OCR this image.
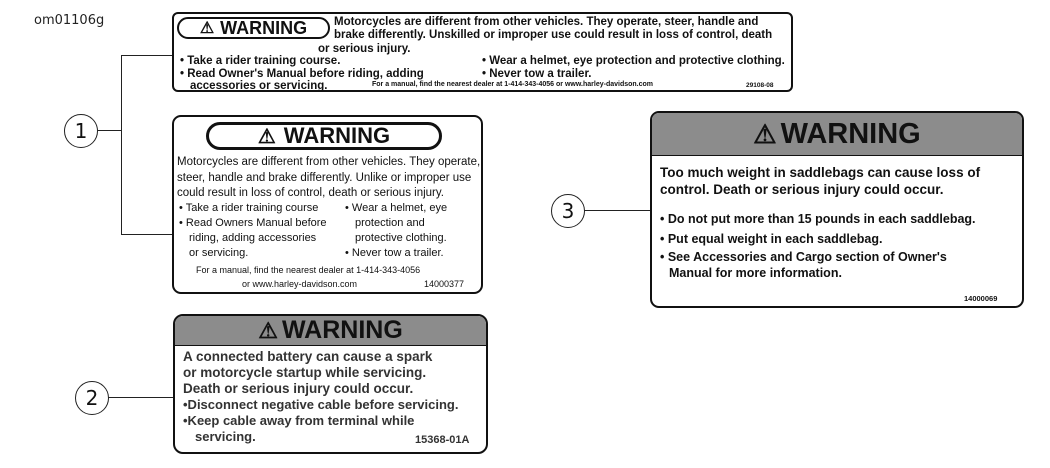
om01106g
1
2
3
⚠ WARNING Motorcycles are different from other vehicles. They operate, steer, handle and
brake differently. Unskilled or improper use could result in loss of control, death
or serious injury.
• Take a rider training course.
• Read Owner's Manual before riding, adding
accessories or servicing.
• Wear a helmet, eye protection and protective clothing.
• Never tow a trailer.
For a manual, find the nearest dealer at 1-414-343-4056 or www.harley-davidson.com	29108-08
⚠ WARNING
Motorcycles are different from other vehicles. They operate,
steer, handle and brake differently. Unlike or improper use
could result in loss of control, death or serious injury.
• Take a rider training course
• Read Owners Manual before
riding, adding accessories
or servicing.
• Wear a helmet, eye
protection and
protective clothing.
• Never tow a trailer.
For a manual, find the nearest dealer at 1-414-343-4056
or www.harley-davidson.com	14000377
⚠ WARNING
A connected battery can cause a spark
or motorcycle startup while servicing.
Death or serious injury could occur.
•Disconnect negative cable before servicing.
•Keep cable away from terminal while
servicing.	15368-01A
⚠ WARNING
Too much weight in saddlebags can cause loss of
control. Death or serious injury could occur.
• Do not put more than 15 pounds in each saddlebag.
• Put equal weight in each saddlebag.
• See Accessories and Cargo section of Owner's
Manual for more information.
14000069
